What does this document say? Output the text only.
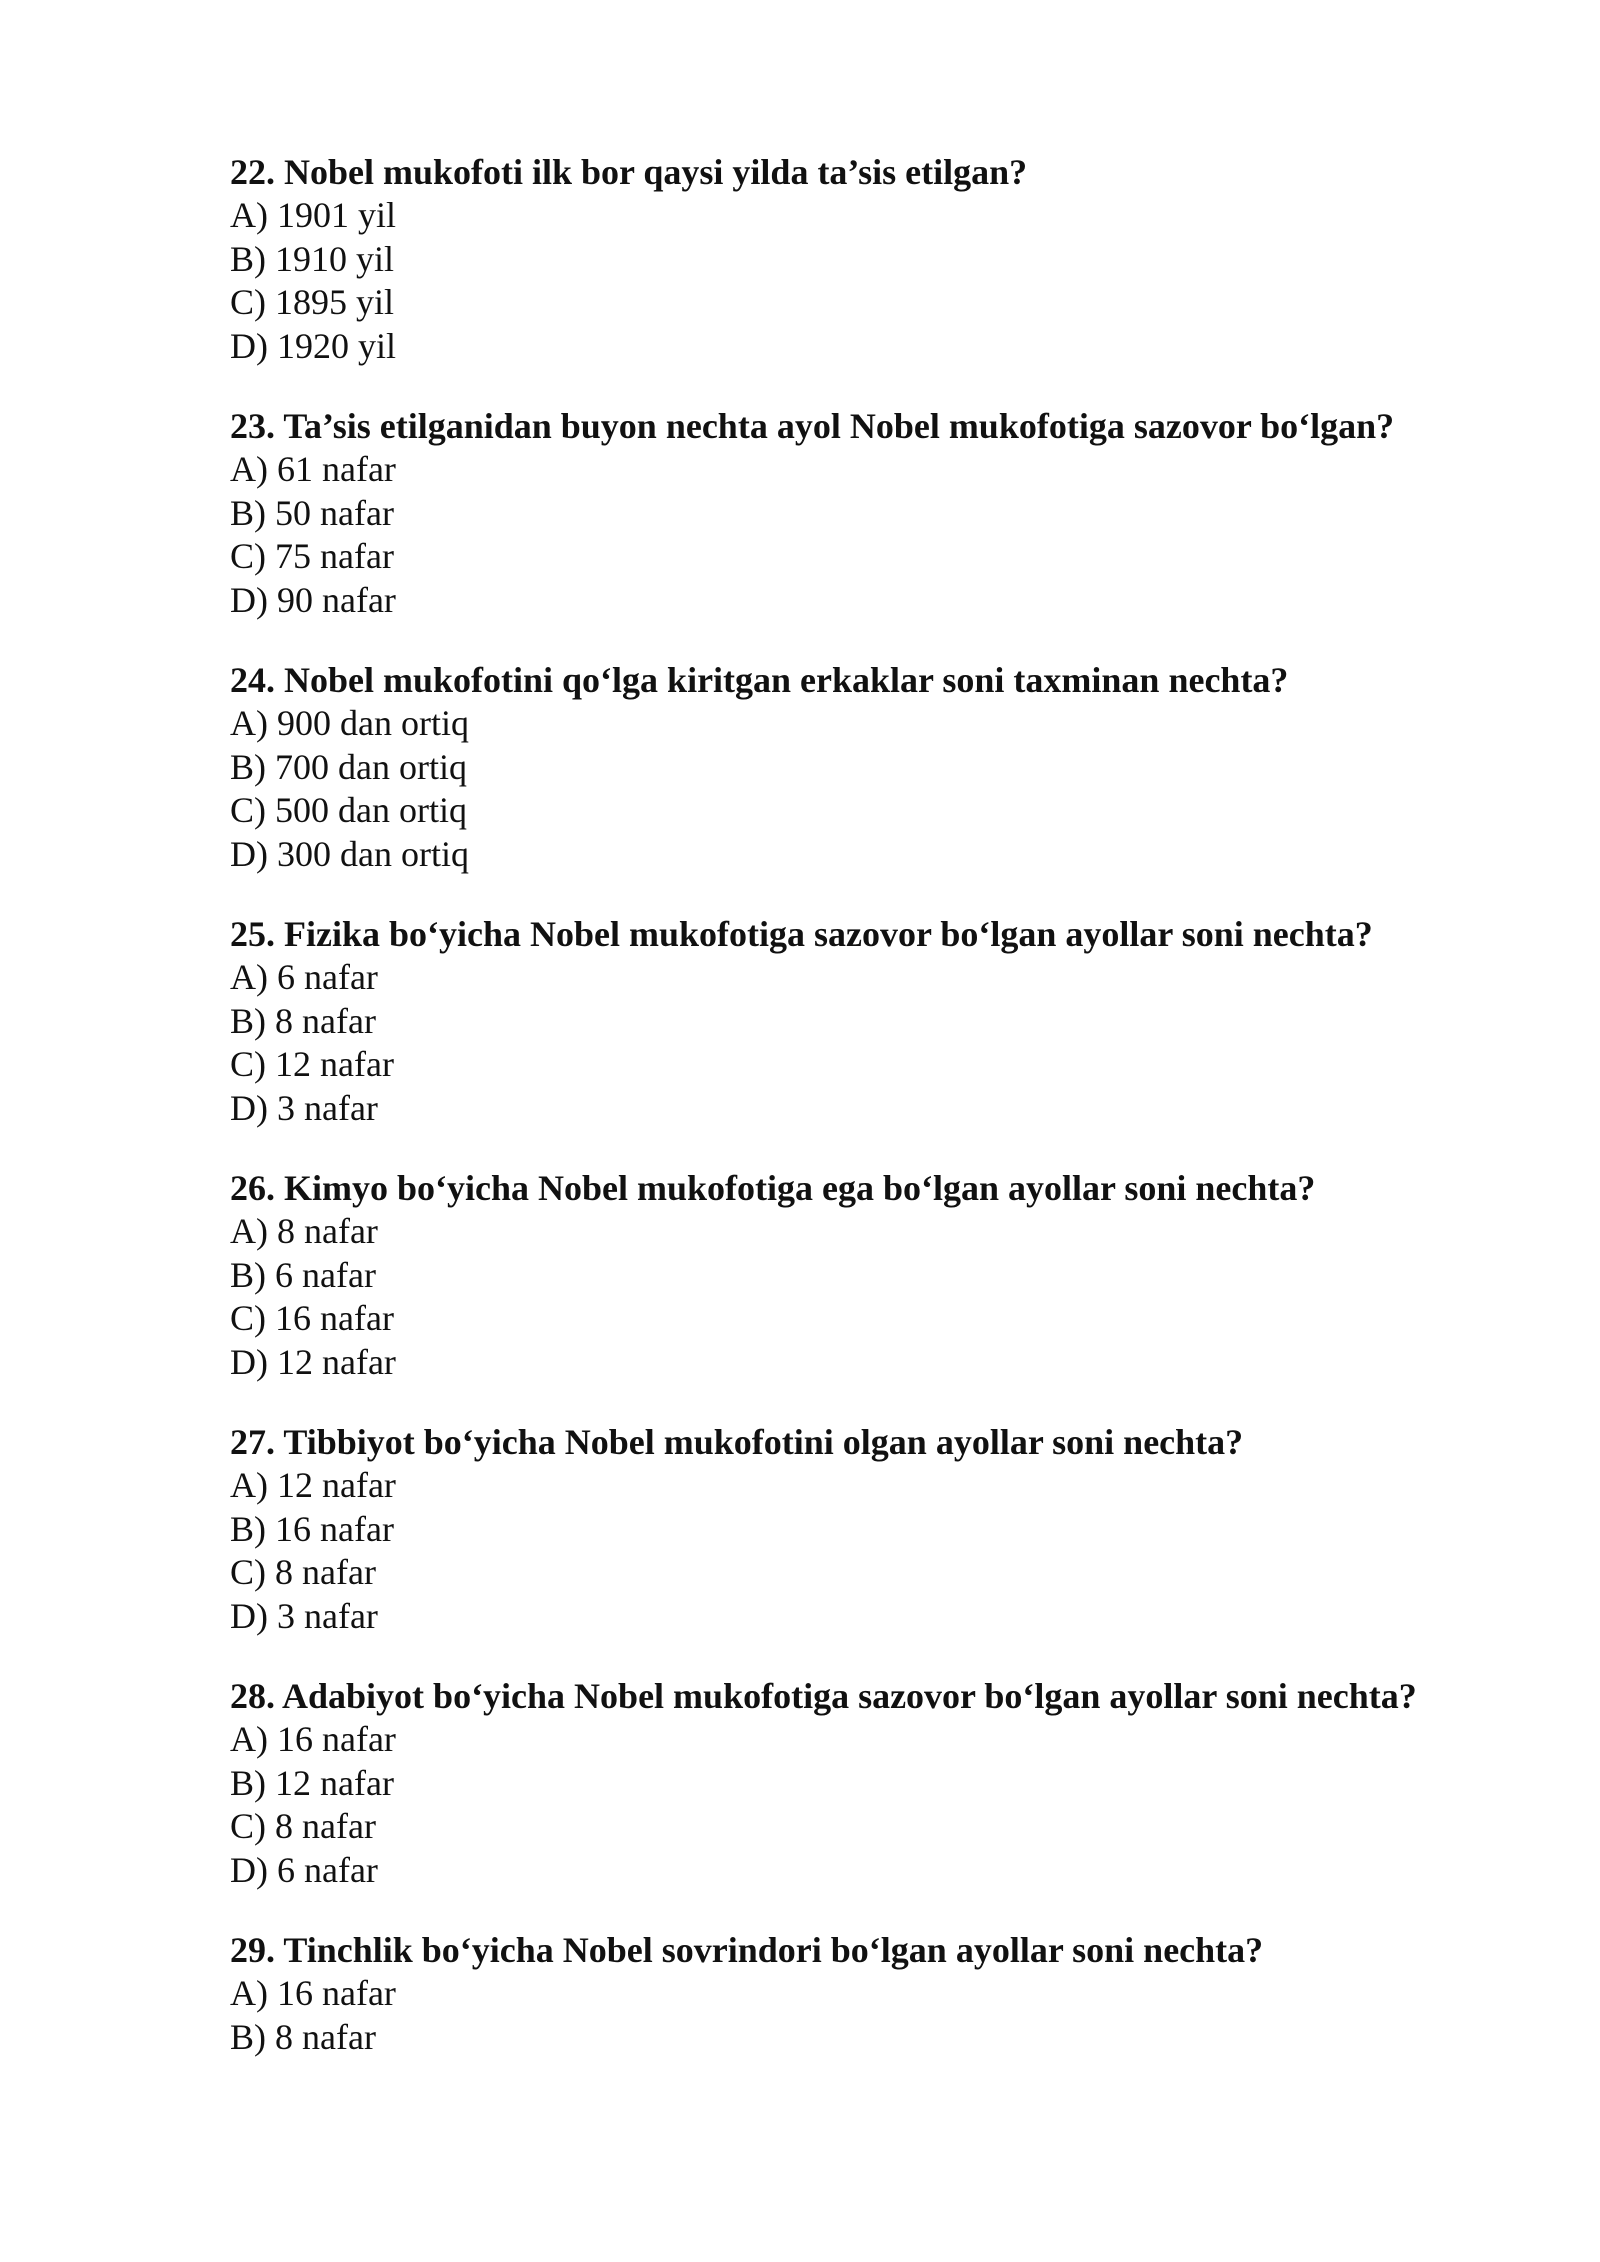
22. Nobel mukofoti ilk bor qaysi yilda ta’sis etilgan?
A) 1901 yil
B) 1910 yil
C) 1895 yil
D) 1920 yil
23. Ta’sis etilganidan buyon nechta ayol Nobel mukofotiga sazovor bo‘lgan?
A) 61 nafar
B) 50 nafar
C) 75 nafar
D) 90 nafar
24. Nobel mukofotini qo‘lga kiritgan erkaklar soni taxminan nechta?
A) 900 dan ortiq
B) 700 dan ortiq
C) 500 dan ortiq
D) 300 dan ortiq
25. Fizika bo‘yicha Nobel mukofotiga sazovor bo‘lgan ayollar soni nechta?
A) 6 nafar
B) 8 nafar
C) 12 nafar
D) 3 nafar
26. Kimyo bo‘yicha Nobel mukofotiga ega bo‘lgan ayollar soni nechta?
A) 8 nafar
B) 6 nafar
C) 16 nafar
D) 12 nafar
27. Tibbiyot bo‘yicha Nobel mukofotini olgan ayollar soni nechta?
A) 12 nafar
B) 16 nafar
C) 8 nafar
D) 3 nafar
28. Adabiyot bo‘yicha Nobel mukofotiga sazovor bo‘lgan ayollar soni nechta?
A) 16 nafar
B) 12 nafar
C) 8 nafar
D) 6 nafar
29. Tinchlik bo‘yicha Nobel sovrindori bo‘lgan ayollar soni nechta?
A) 16 nafar
B) 8 nafar
